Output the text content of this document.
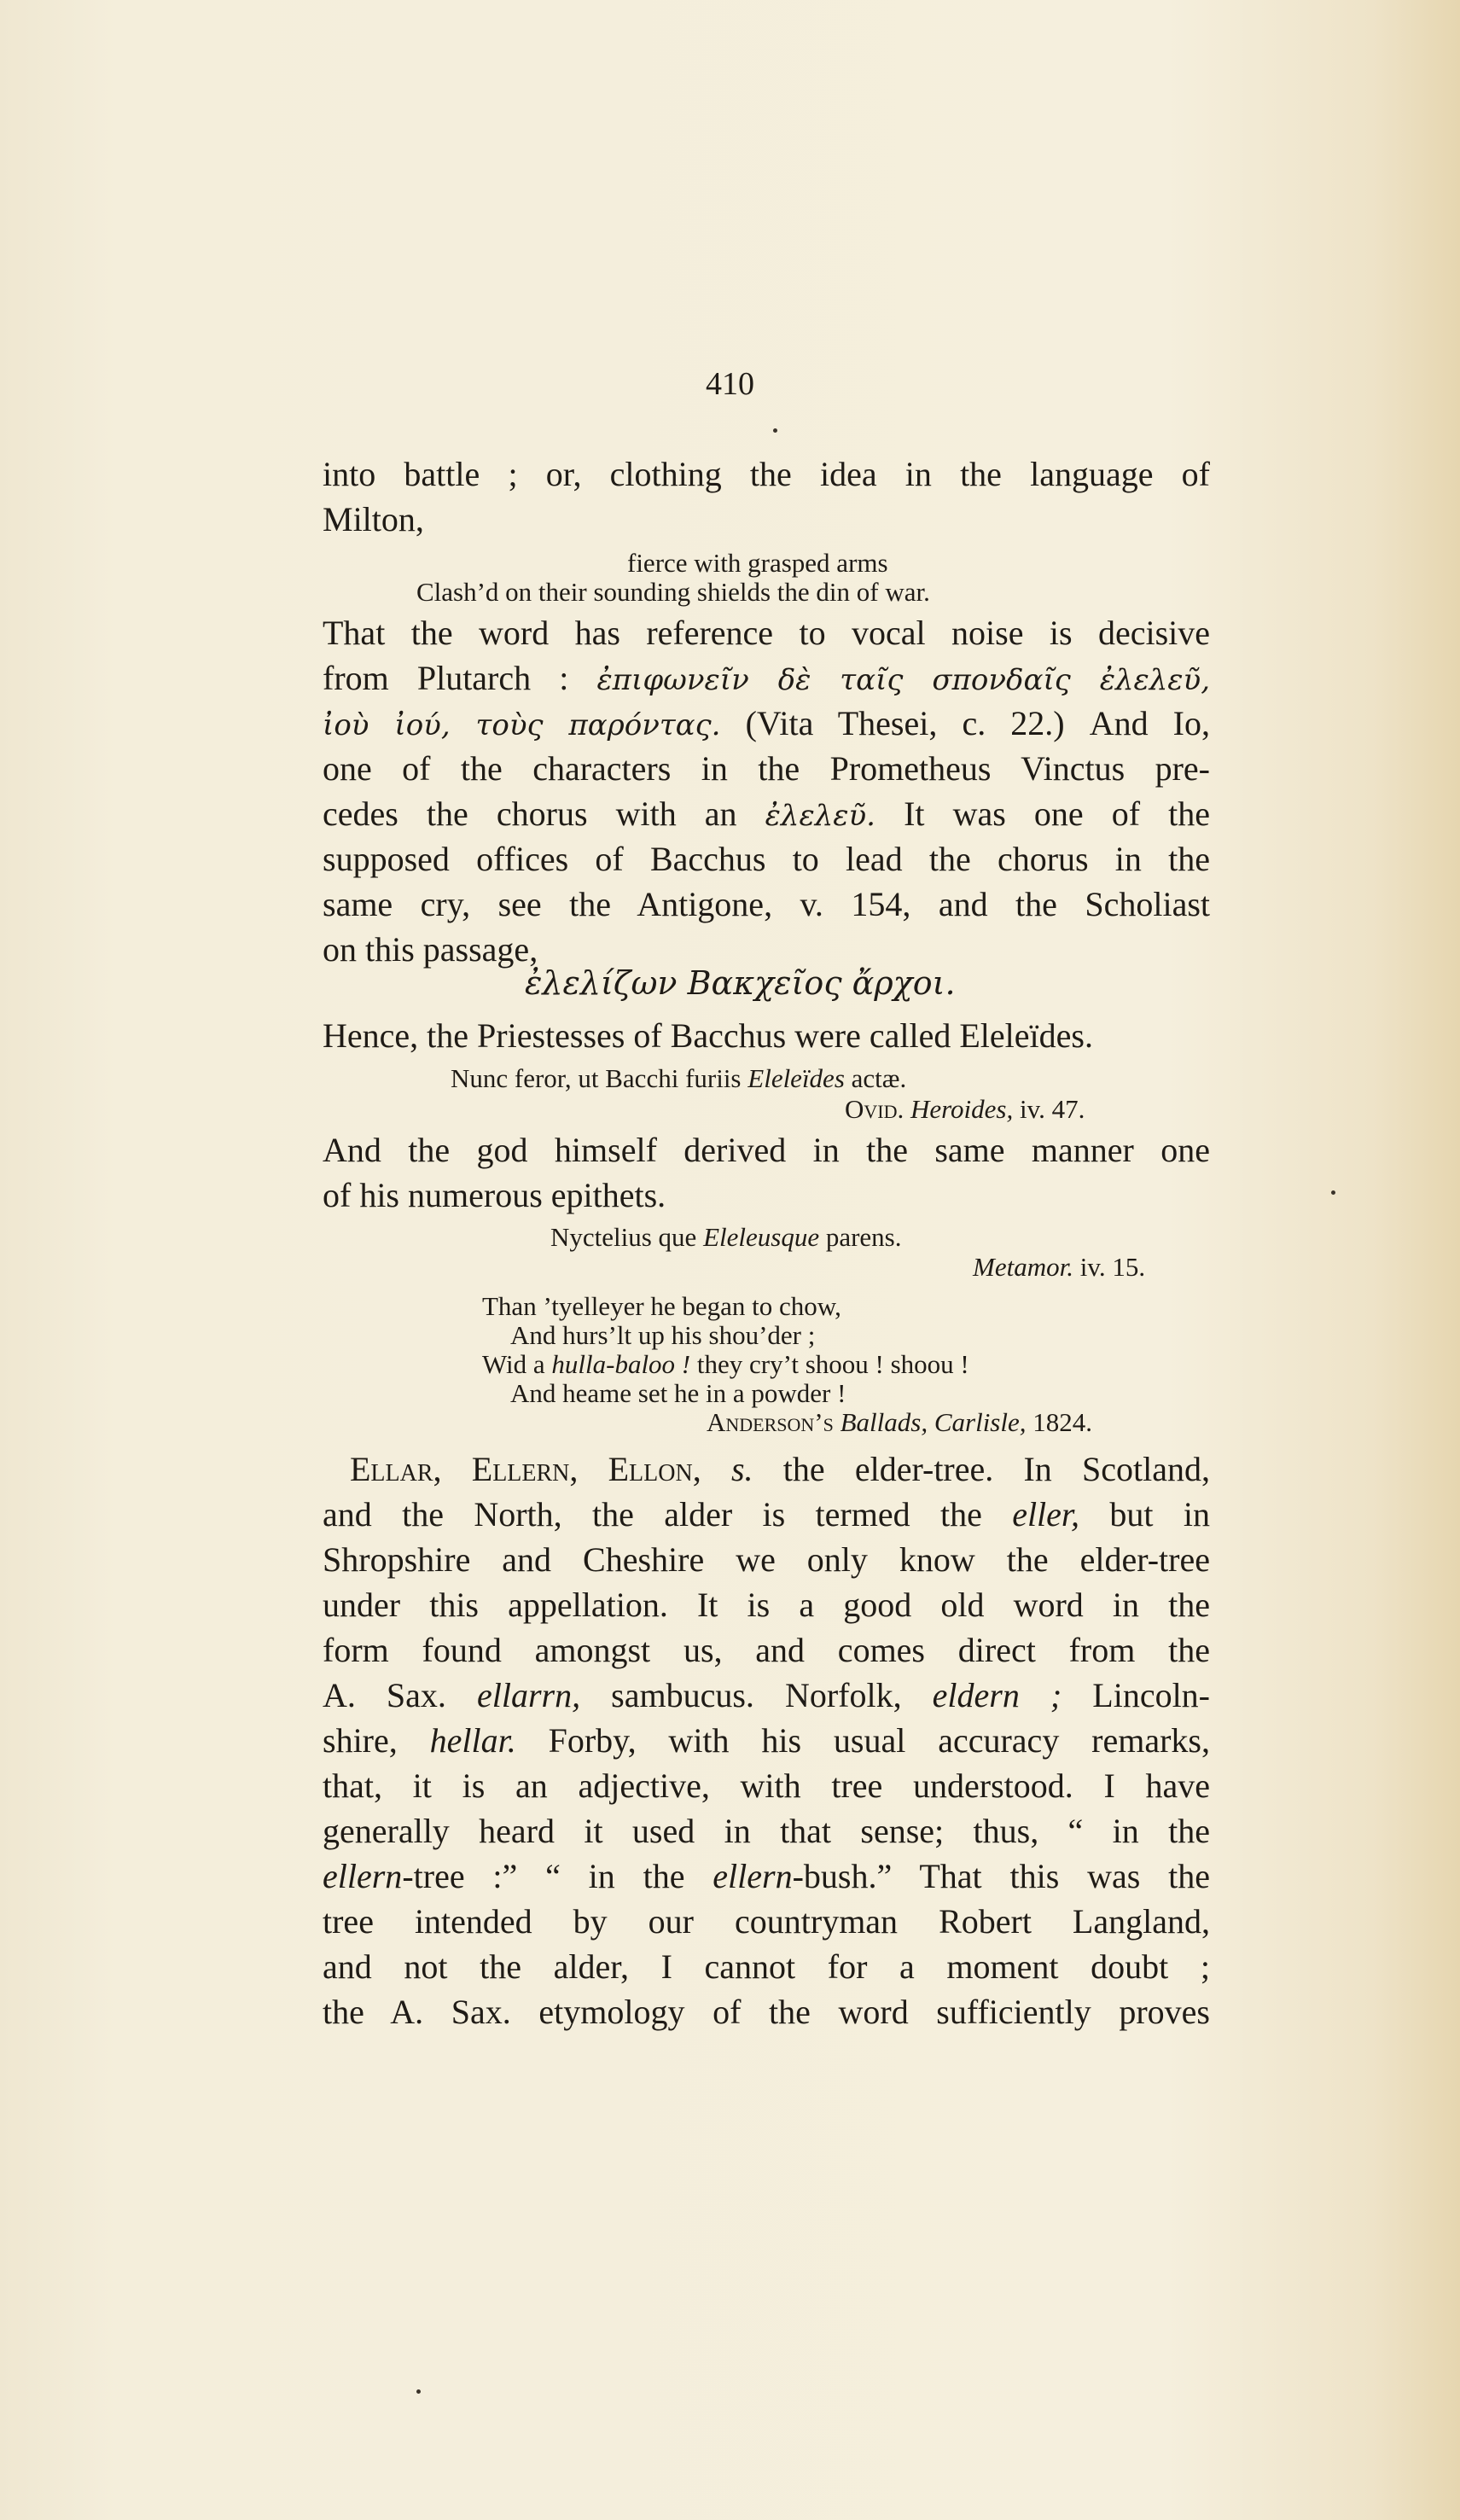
410
into battle ; or, clothing the idea in the language of
Milton,
fierce with grasped arms
Clash’d on their sounding shields the din of war.
That the word has reference to vocal noise is decisive
from Plutarch : ἐπιφωνεῖν δὲ ταῖς σπονδαῖς ἐλελεῦ,
ἰοὺ ἰού, τοὺς παρόντας. (Vita Thesei, c. 22.) And Io,
one of the characters in the Prometheus Vinctus pre-
cedes the chorus with an ἐλελεῦ. It was one of the
supposed offices of Bacchus to lead the chorus in the
same cry, see the Antigone, v. 154, and the Scholiast
on this passage,
ἐλελίζων Βακχεῖος ἄρχοι.
Hence, the Priestesses of Bacchus were called Eleleïdes.
Nunc feror, ut Bacchi furiis Eleleïdes actæ.
Ovid. Heroides, iv. 47.
And the god himself derived in the same manner one
of his numerous epithets.
Nyctelius que Eleleusque parens.
Metamor. iv. 15.
Than ’tyelleyer he began to chow,
And hurs’lt up his shou’der ;
Wid a hulla-baloo ! they cry’t shoou ! shoou !
And heame set he in a powder !
Anderson’s Ballads, Carlisle, 1824.
Ellar, Ellern, Ellon, s. the elder-tree. In Scotland,
and the North, the alder is termed the eller, but in
Shropshire and Cheshire we only know the elder-tree
under this appellation. It is a good old word in the
form found amongst us, and comes direct from the
A. Sax. ellarrn, sambucus. Norfolk, eldern ; Lincoln-
shire, hellar. Forby, with his usual accuracy remarks,
that, it is an adjective, with tree understood. I have
generally heard it used in that sense; thus, “ in the
ellern-tree :” “ in the ellern-bush.” That this was the
tree intended by our countryman Robert Langland,
and not the alder, I cannot for a moment doubt ;
the A. Sax. etymology of the word sufficiently proves
